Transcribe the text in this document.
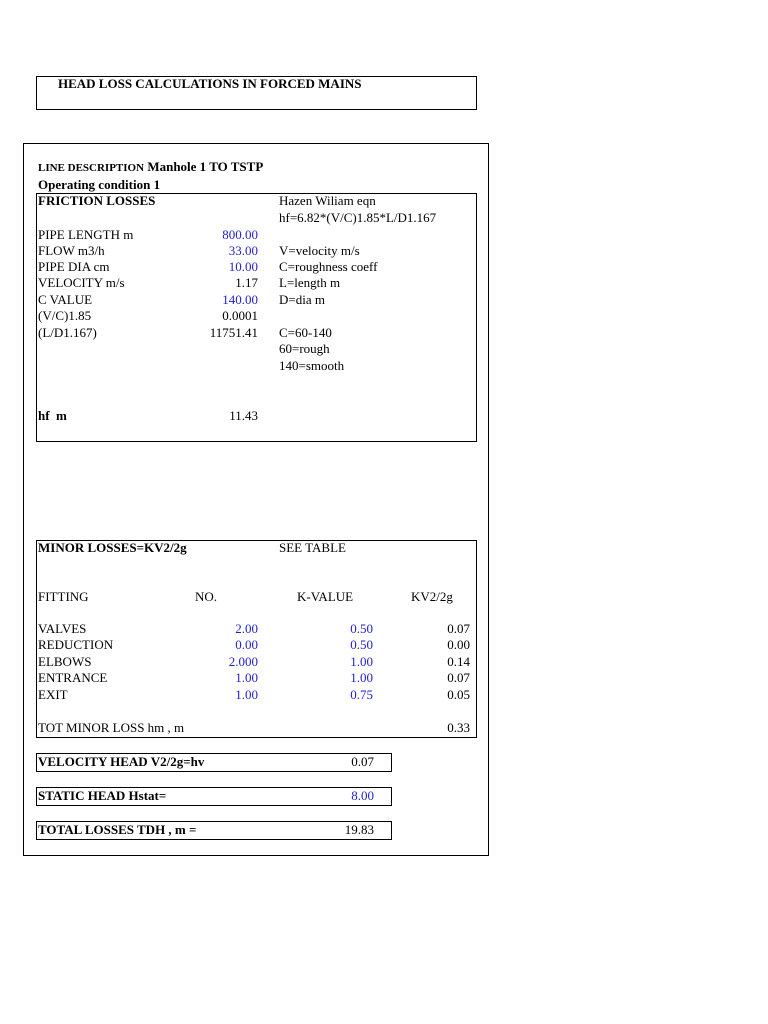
HEAD LOSS CALCULATIONS IN FORCED MAINS
LINE DESCRIPTION Manhole 1 TO TSTP
Operating condition 1
FRICTION LOSSES	Hazen Wiliam eqn
hf=6.82*(V/C)1.85*L/D1.167
PIPE LENGTH m	800.00
FLOW m3/h	33.00
PIPE DIA cm	10.00
VELOCITY m/s	1.17
C VALUE	140.00
(V/C)1.85	0.0001
(L/D1.167)	11751.41
V=velocity m/s
C=roughness coeff
L=length m
D=dia m
C=60-140
60=rough
140=smooth
hf  m	11.43
MINOR LOSSES=KV2/2g	SEE TABLE
FITTING	NO.	K-VALUE	KV2/2g
VALVES	2.00	0.50	0.07
REDUCTION	0.00	0.50	0.00
ELBOWS	2.000	1.00	0.14
ENTRANCE	1.00	1.00	0.07
EXIT	1.00	0.75	0.05
TOT MINOR LOSS hm , m	0.33
VELOCITY HEAD V2/2g=hv	0.07
STATIC HEAD Hstat=	8.00
TOTAL LOSSES TDH , m =	19.83
